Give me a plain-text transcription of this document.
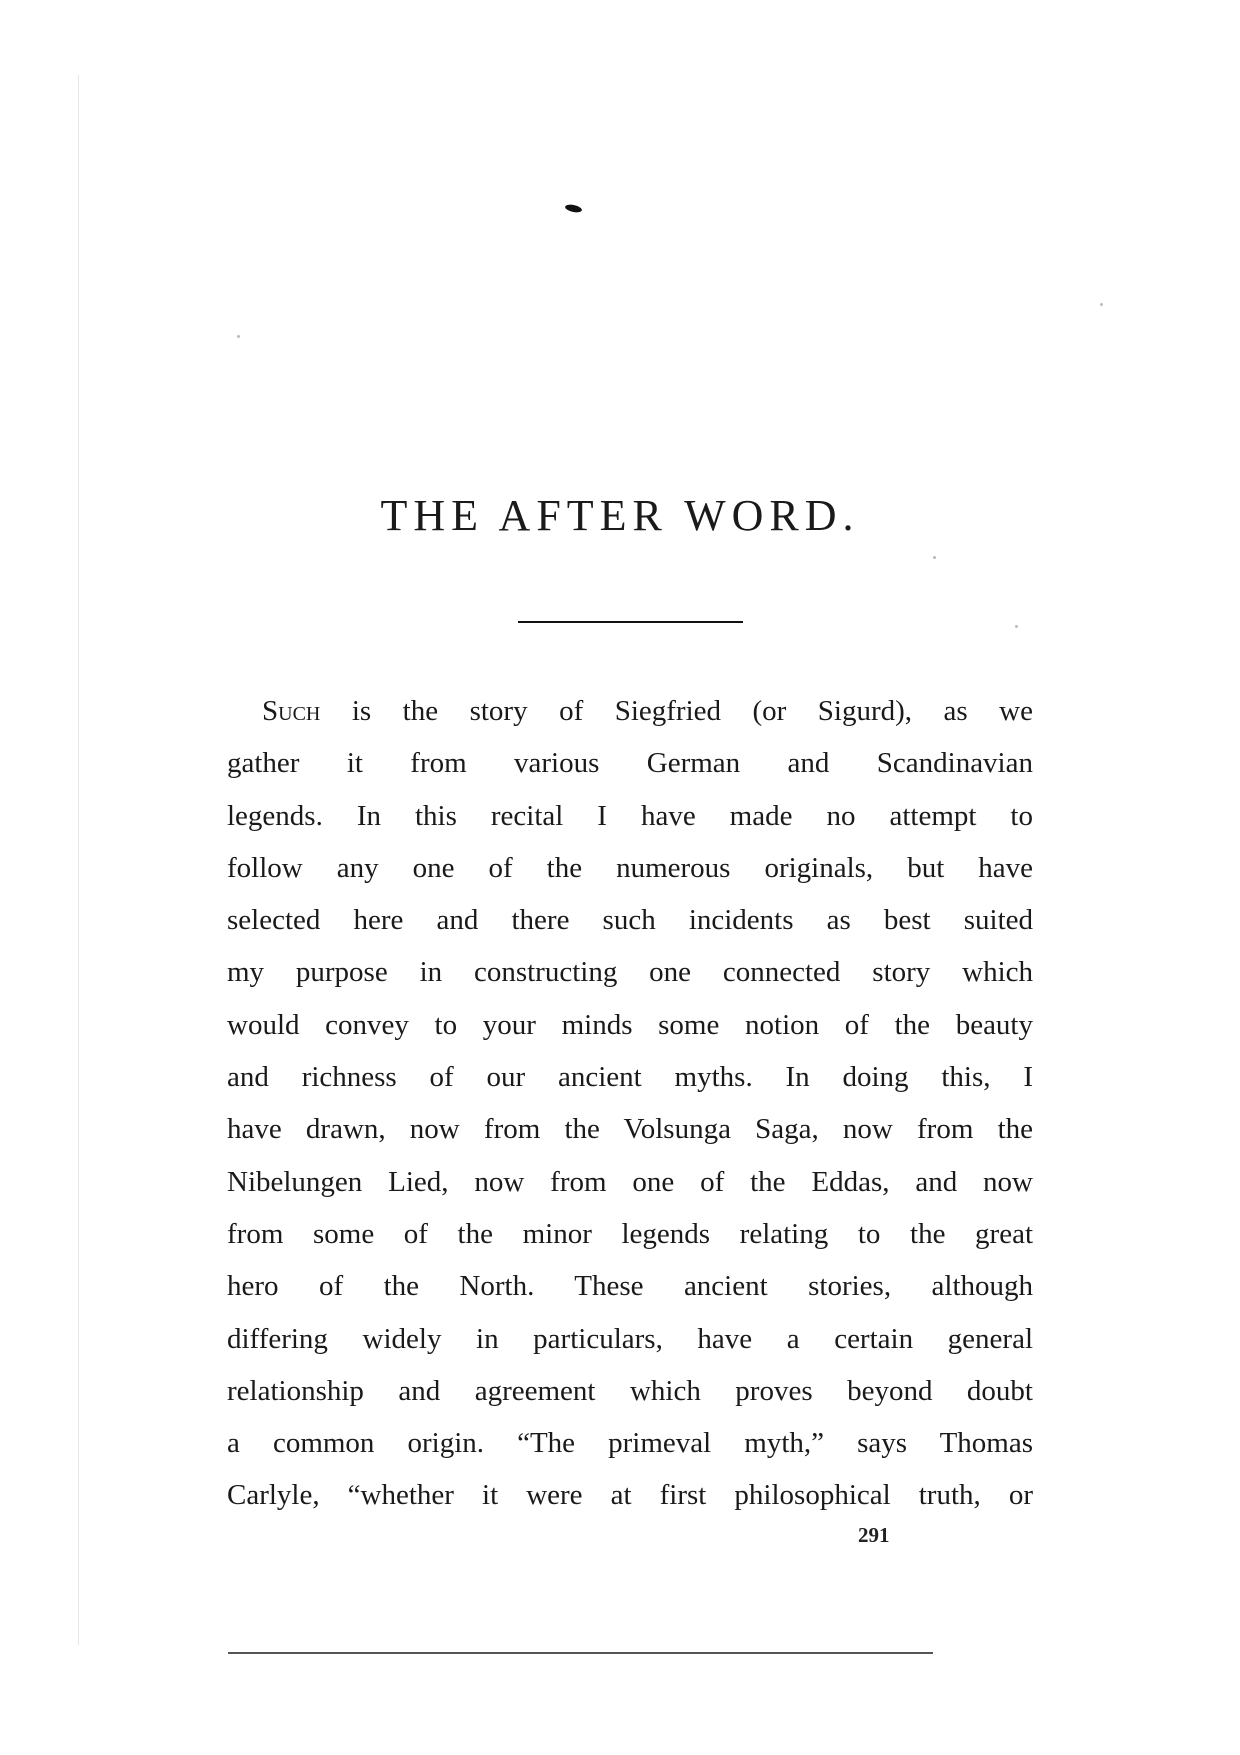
THE AFTER WORD.
Such is the story of Siegfried (or Sigurd), as we
gather it from various German and Scandinavian
legends. In this recital I have made no attempt to
follow any one of the numerous originals, but have
selected here and there such incidents as best suited
my purpose in constructing one connected story which
would convey to your minds some notion of the beauty
and richness of our ancient myths. In doing this, I
have drawn, now from the Volsunga Saga, now from the
Nibelungen Lied, now from one of the Eddas, and now
from some of the minor legends relating to the great
hero of the North. These ancient stories, although
differing widely in particulars, have a certain general
relationship and agreement which proves beyond doubt
a common origin. “The primeval myth,” says Thomas
Carlyle, “whether it were at first philosophical truth, or
291
